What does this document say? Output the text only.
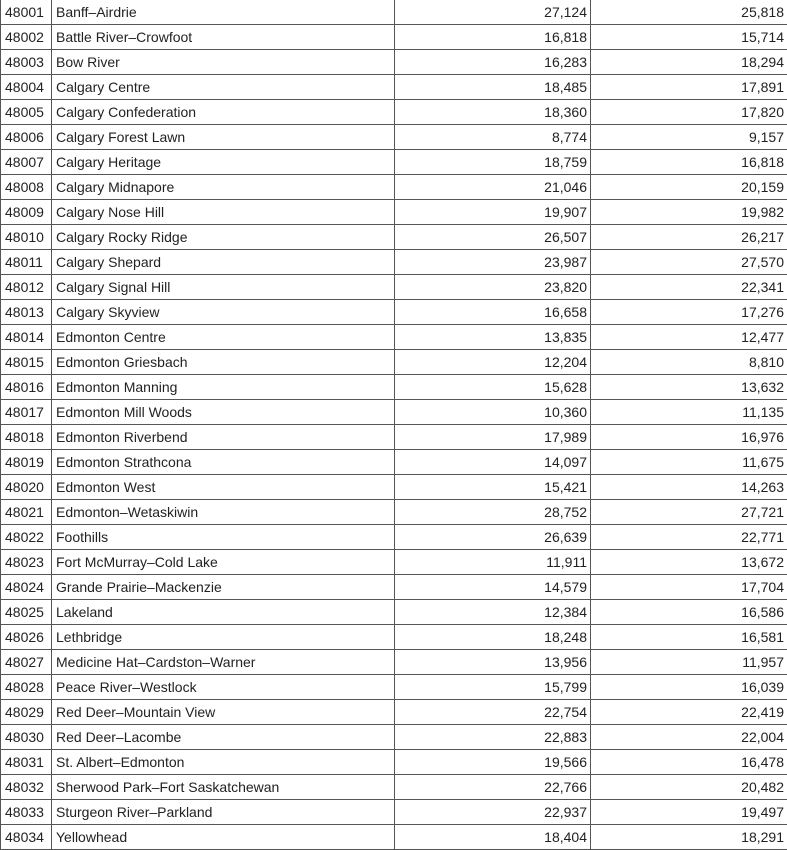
48001	Banff–Airdrie	27,124	25,818
48002	Battle River–Crowfoot	16,818	15,714
48003	Bow River	16,283	18,294
48004	Calgary Centre	18,485	17,891
48005	Calgary Confederation	18,360	17,820
48006	Calgary Forest Lawn	8,774	9,157
48007	Calgary Heritage	18,759	16,818
48008	Calgary Midnapore	21,046	20,159
48009	Calgary Nose Hill	19,907	19,982
48010	Calgary Rocky Ridge	26,507	26,217
48011	Calgary Shepard	23,987	27,570
48012	Calgary Signal Hill	23,820	22,341
48013	Calgary Skyview	16,658	17,276
48014	Edmonton Centre	13,835	12,477
48015	Edmonton Griesbach	12,204	8,810
48016	Edmonton Manning	15,628	13,632
48017	Edmonton Mill Woods	10,360	11,135
48018	Edmonton Riverbend	17,989	16,976
48019	Edmonton Strathcona	14,097	11,675
48020	Edmonton West	15,421	14,263
48021	Edmonton–Wetaskiwin	28,752	27,721
48022	Foothills	26,639	22,771
48023	Fort McMurray–Cold Lake	11,911	13,672
48024	Grande Prairie–Mackenzie	14,579	17,704
48025	Lakeland	12,384	16,586
48026	Lethbridge	18,248	16,581
48027	Medicine Hat–Cardston–Warner	13,956	11,957
48028	Peace River–Westlock	15,799	16,039
48029	Red Deer–Mountain View	22,754	22,419
48030	Red Deer–Lacombe	22,883	22,004
48031	St. Albert–Edmonton	19,566	16,478
48032	Sherwood Park–Fort Saskatchewan	22,766	20,482
48033	Sturgeon River–Parkland	22,937	19,497
48034	Yellowhead	18,404	18,291
